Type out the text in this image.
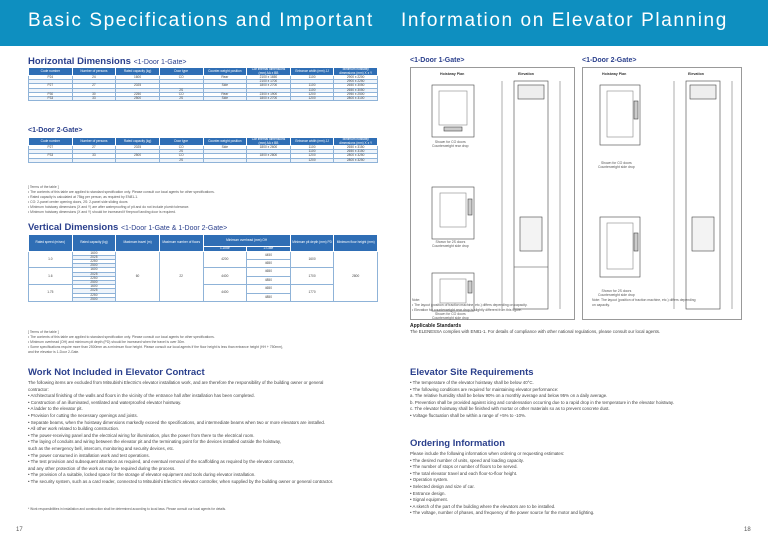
Basic Specifications and Important Information on Elevator Planning
Horizontal Dimensions <1-Door 1-Gate>
Code number	Number of persons	Rated capacity (kg)	Door type	Counter-weight position	Car internal dimensions (mm) AA x BB	Entrance width (mm) JJ	Minimum hoistway dimensions (mm) X x Y
P24	24	1600	CO	Rear	2100 x 1650	1100	2900 x 2200
					2100 x 1700		2900 x 2250
P27	27	2025		Side	1800 x 2700	1100	2650 x 3050
			2S			1100	2650 x 3050
P30	30	2250	CO	Rear	2300 x 1900	1200	2950 x 2500
P33	33	2500	2S	Side	1800 x 2700	1200	2800 x 3100
<1-Door 2-Gate>
Code number	Number of persons	Rated capacity (kg)	Door type	Counter-weight position	Car internal dimensions (mm) AA x BB	Entrance width (mm) JJ	Minimum hoistway dimensions (mm) X x Y
P27	27	2025	CO	Side	1800 x 2600	1100	2650 x 3150
			2S			1100	2650 x 3150
P33	33	2500	CO		1800 x 2800	1200	2800 x 3250
			2S			1200	2800 x 3250
[ Terms of the table ]
• The contents of this table are applied to standard specification only. Please consult our local agents for other specifications.
• Rated capacity is calculated at 75kg per person, as required by EN81-1.
• CO: 2-panel center opening doors, 2S: 2-panel side sliding doors
• Minimum hoistway dimensions (X and Y) are after waterproofing of pit and do not include plumb tolerance.
• Minimum hoistway dimensions (X and Y) should be increased if fireproof landing door is required.
Vertical Dimensions <1-Door 1-Gate & 1-Door 2-Gate>
Rated speed (m/sec)	Rated capacity (kg)	Maximum travel (m)	Maximum number of floors	Minimum overhead (mm) OH		Minimum pit depth (mm) PD	Minimum floor height (mm)
				1-Door	2-Gate		
1.0	1600	60	22	4200	4450	1600	2800
	2025						
	2250				4650		
	2500						
1.6	1600			4400	4650	1700	
	2025						
	2250				4850		
	2500						
1.75	1600			4400	4650	1770	
	2025						
	2250				4850		
	2500						
[ Terms of the table ]
• The contents of this table are applied to standard specification only. Please consult our local agents for other specifications.
• Minimum overhead (OH) and minimum pit depth (PD) should be increased when the travel is over 30m.
• Some specifications require more than 2500mm as a minimum floor height. Please consult our local agents if the floor height is less than entrance height (HH + 750mm),
and the elevator is 1-Door 2-Gate.
Work Not Included in Elevator Contract
The following items are excluded from Mitsubishi Electric's elevator installation work, and are therefore the responsibility of the building owner or general
contractor:
• Architectural finishing of the walls and floors in the vicinity of the entrance hall after installation has been completed.
• Construction of an illuminated, ventilated and waterproofed elevator hoistway.
• A ladder to the elevator pit.
• Provision for cutting the necessary openings and joists.
• Separate beams, when the hoistway dimensions markedly exceed the specifications, and intermediate beams when two or more elevators are installed.
• All other work related to building construction.
• The power-receiving panel and the electrical wiring for illumination, plus the power from there to the electrical room.
• The laying of conduits and wiring between the elevator pit and the terminating point for the devices installed outside the hoistway,
such as the emergency bell, intercom, monitoring and security devices, etc.
• The power consumed in installation work and test operations.
• The test provision and subsequent alteration as required, and eventual removal of the scaffolding as required by the elevator contractor,
and any other protection of the work as may be required during the process.
• The provision of a suitable, locked space for the storage of elevator equipment and tools during elevator installation.
• The security system, such as a card reader, connected to Mitsubishi Electric's elevator controller, when supplied by the building owner or general contractor.
* Work responsibilities in installation and construction shall be determined according to local laws. Please consult our local agents for details.
<1-Door 1-Gate>	<1-Door 2-Gate>
Hoistway Plan	Elevation	Hoistway Plan	Elevation
Shown for CO doors
Counterweight rear drop
Shown for 2S doors
Counterweight side drop
Shown for CO doors
Counterweight side drop
Note:
• The layout (position of traction machine, etc.) differs depending on capacity.
• Elevation for counterweight rear drop is slightly different from this figure.
Shown for CO doors
Counterweight side drop
Shown for 2S doors
Counterweight side drop
Note: The layout (position of traction machine, etc.) differs depending
on capacity.
Applicable Standards
The ELENESSA complies with EN81-1. For details of compliance with other national regulations, please consult our local agents.
Elevator Site Requirements
• The temperature of the elevator hoistway shall be below 40°C.
• The following conditions are required for maintaining elevator performance:
a. The relative humidity shall be below 90% on a monthly average and below 95% on a daily average.
b. Prevention shall be provided against icing and condensation occurring due to a rapid drop in the temperature in the elevator hoistway.
c. The elevator hoistway shall be finished with mortar or other materials so as to prevent concrete dust.
• Voltage fluctuation shall be within a range of +5% to -10%.
Ordering Information
Please include the following information when ordering or requesting estimates:
• The desired number of units, speed and loading capacity.
• The number of stops or number of floors to be served.
• The total elevator travel and each floor-to-floor height.
• Operation system.
• Selected design and size of car.
• Entrance design.
• Signal equipment.
• A sketch of the part of the building where the elevators are to be installed.
• The voltage, number of phases, and frequency of the power source for the motor and lighting.
17	18
